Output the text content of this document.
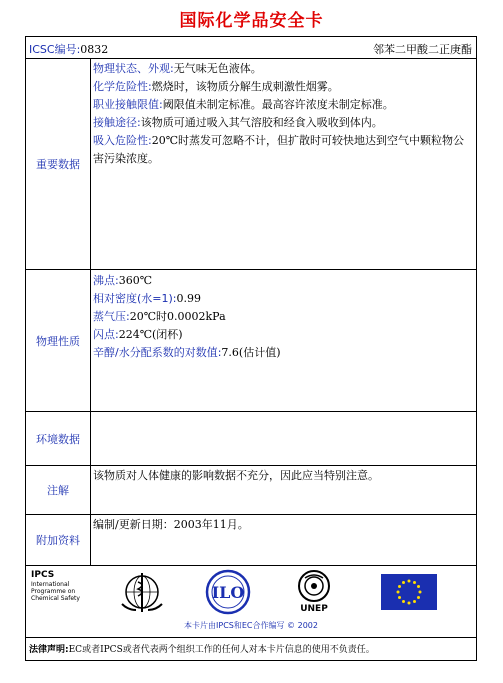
国际化学品安全卡
ICSC编号:0832	邻苯二甲酸二正庚酯
重要数据
物理状态、外观:无气味无色液体。
化学危险性:燃烧时，该物质分解生成刺激性烟雾。
职业接触限值:阈限值未制定标准。最高容许浓度未制定标准。
接触途径:该物质可通过吸入其气溶胶和经食入吸收到体内。
吸入危险性:20℃时蒸发可忽略不计，但扩散时可较快地达到空气中颗粒物公害污染浓度。
物理性质
沸点:360℃
相对密度(水=1):0.99
蒸气压:20℃时0.0002kPa
闪点:224℃(闭杯)
辛醇/水分配系数的对数值:7.6(估计值)
环境数据
注解
该物质对人体健康的影响数据不充分，因此应当特别注意。
附加资料
编制/更新日期：2003年11月。
IPCS
International
Programme on
Chemical Safety	ILO
UNEP
本卡片由IPCS和EC合作编写 © 2002
法律声明:EC或者IPCS或者代表两个组织工作的任何人对本卡片信息的使用不负责任。
